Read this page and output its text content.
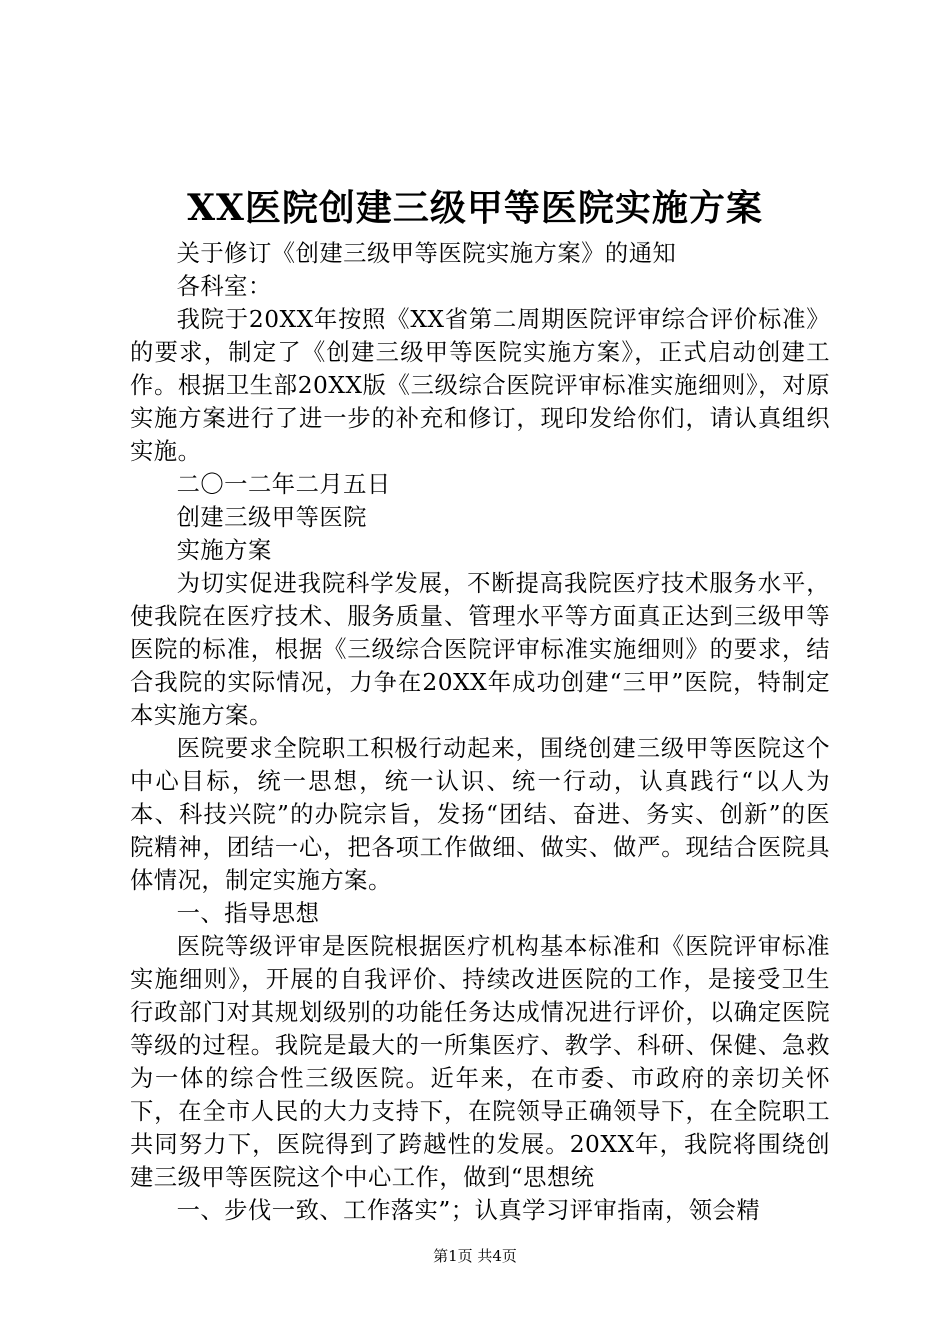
XX医院创建三级甲等医院实施方案

关于修订《创建三级甲等医院实施方案》的通知

各科室：

我院于20XX年按照《XX省第二周期医院评审综合评价标准》的要求，制定了《创建三级甲等医院实施方案》，正式启动创建工作。根据卫生部20XX版《三级综合医院评审标准实施细则》，对原实施方案进行了进一步的补充和修订，现印发给你们，请认真组织实施。

二〇一二年二月五日

创建三级甲等医院

实施方案

为切实促进我院科学发展，不断提高我院医疗技术服务水平，使我院在医疗技术、服务质量、管理水平等方面真正达到三级甲等医院的标准，根据《三级综合医院评审标准实施细则》的要求，结合我院的实际情况，力争在20XX年成功创建“三甲”医院，特制定本实施方案。

医院要求全院职工积极行动起来，围绕创建三级甲等医院这个中心目标，统一思想，统一认识、统一行动，认真践行“以人为本、科技兴院”的办院宗旨，发扬“团结、奋进、务实、创新”的医院精神，团结一心，把各项工作做细、做实、做严。现结合医院具体情况，制定实施方案。

一、指导思想

医院等级评审是医院根据医疗机构基本标准和《医院评审标准实施细则》，开展的自我评价、持续改进医院的工作，是接受卫生行政部门对其规划级别的功能任务达成情况进行评价，以确定医院等级的过程。我院是最大的一所集医疗、教学、科研、保健、急救为一体的综合性三级医院。近年来，在市委、市政府的亲切关怀下，在全市人民的大力支持下，在院领导正确领导下，在全院职工共同努力下，医院得到了跨越性的发展。20XX年，我院将围绕创建三级甲等医院这个中心工作，做到“思想统

一、步伐一致、工作落实”；认真学习评审指南，领会精

第1页 共4页
